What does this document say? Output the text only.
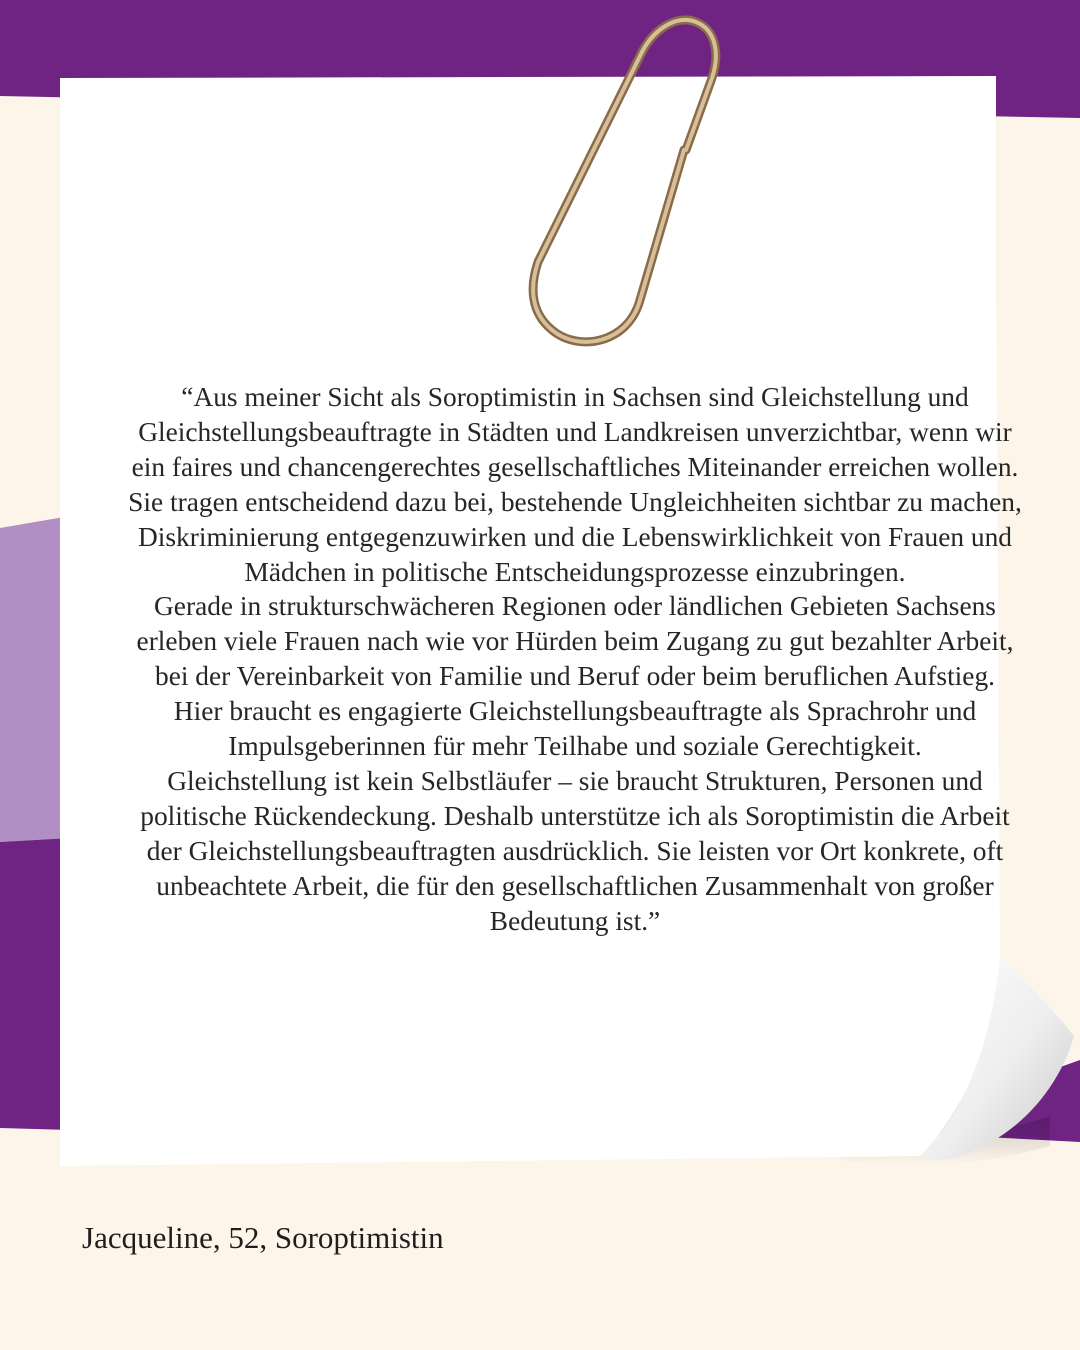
“Aus meiner Sicht als Soroptimistin in Sachsen sind Gleichstellung und Gleichstellungsbeauftragte in Städten und Landkreisen unverzichtbar, wenn wir ein faires und chancengerechtes gesellschaftliches Miteinander erreichen wollen. Sie tragen entscheidend dazu bei, bestehende Ungleichheiten sichtbar zu machen, Diskriminierung entgegenzuwirken und die Lebenswirklichkeit von Frauen und Mädchen in politische Entscheidungsprozesse einzubringen.

Gerade in strukturschwächeren Regionen oder ländlichen Gebieten Sachsens erleben viele Frauen nach wie vor Hürden beim Zugang zu gut bezahlter Arbeit, bei der Vereinbarkeit von Familie und Beruf oder beim beruflichen Aufstieg. Hier braucht es engagierte Gleichstellungsbeauftragte als Sprachrohr und Impulsgeberinnen für mehr Teilhabe und soziale Gerechtigkeit.

Gleichstellung ist kein Selbstläufer – sie braucht Strukturen, Personen und politische Rückendeckung. Deshalb unterstütze ich als Soroptimistin die Arbeit der Gleichstellungsbeauftragten ausdrücklich. Sie leisten vor Ort konkrete, oft unbeachtete Arbeit, die für den gesellschaftlichen Zusammenhalt von großer Bedeutung ist.”

Jacqueline, 52, Soroptimistin
